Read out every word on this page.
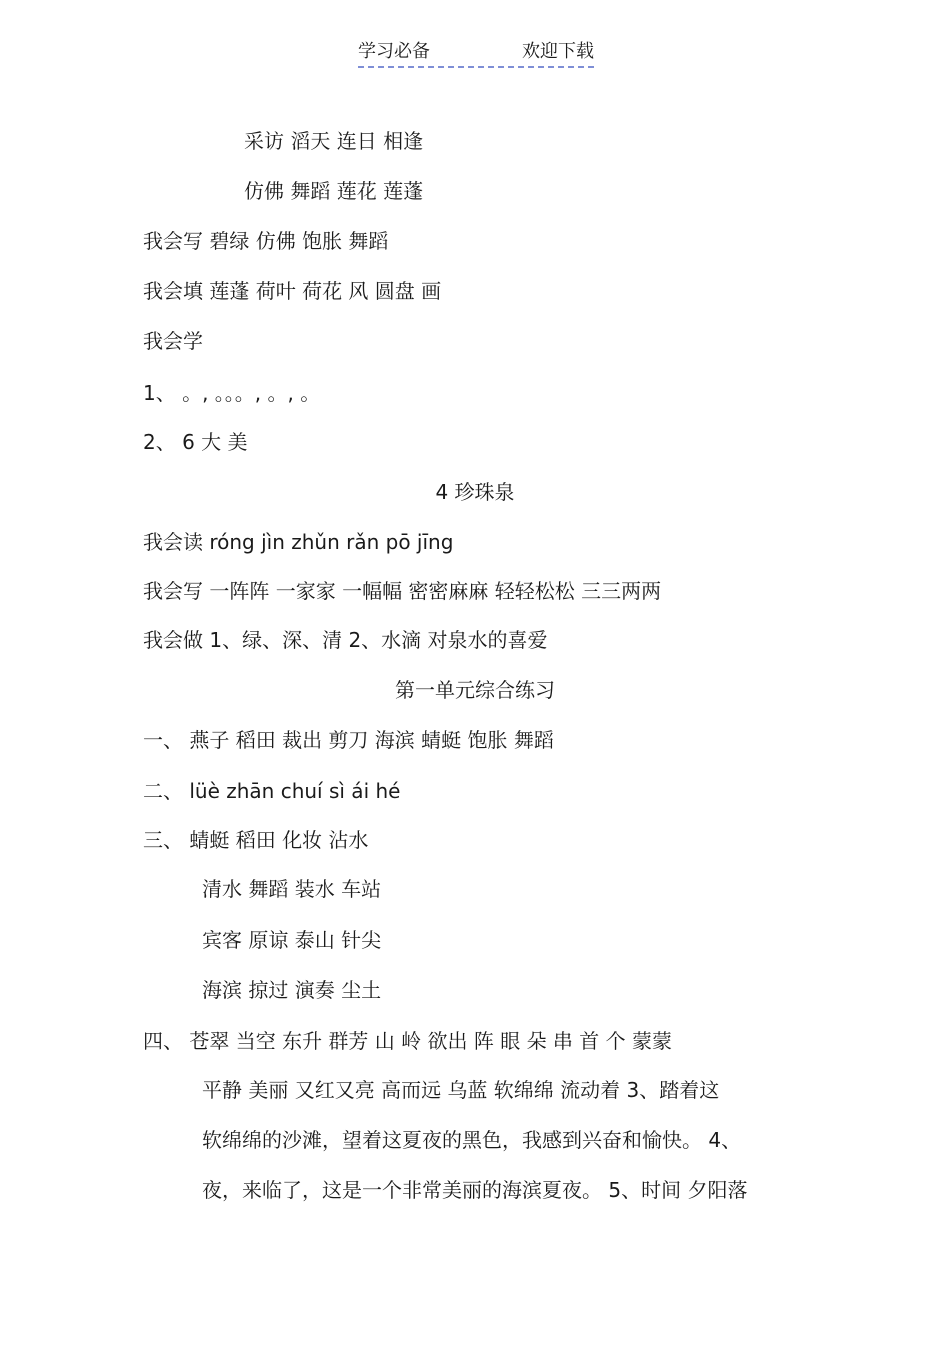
学习必备	欢迎下载
采访 滔天 连日 相逢
仿佛 舞蹈 莲花 莲蓬
我会写 碧绿 仿佛 饱胀 舞蹈
我会填 莲蓬 荷叶 荷花 风 圆盘 画
我会学
1、 。, 。。。, 。, 。
2、 6 大 美
4 珍珠泉
我会读 róng jìn zhǔn rǎn pō jīng
我会写 一阵阵 一家家 一幅幅 密密麻麻 轻轻松松 三三两两
我会做 1、绿、深、清 2、水滴 对泉水的喜爱
第一单元综合练习
一、 燕子 稻田 裁出 剪刀 海滨 蜻蜓 饱胀 舞蹈
二、 lüè zhān chuí sì ái hé
三、 蜻蜓 稻田 化妆 沾水
清水 舞蹈 装水 车站
宾客 原谅 泰山 针尖
海滨 掠过 演奏 尘土
四、 苍翠 当空 东升 群芳 山 岭 欲出 阵 眼 朵 串 首 个 蒙蒙
平静 美丽 又红又亮 高而远 乌蓝 软绵绵 流动着 3、踏着这
软绵绵的沙滩，望着这夏夜的黑色，我感到兴奋和愉快。 4、
夜，来临了，这是一个非常美丽的海滨夏夜。 5、时间 夕阳落
